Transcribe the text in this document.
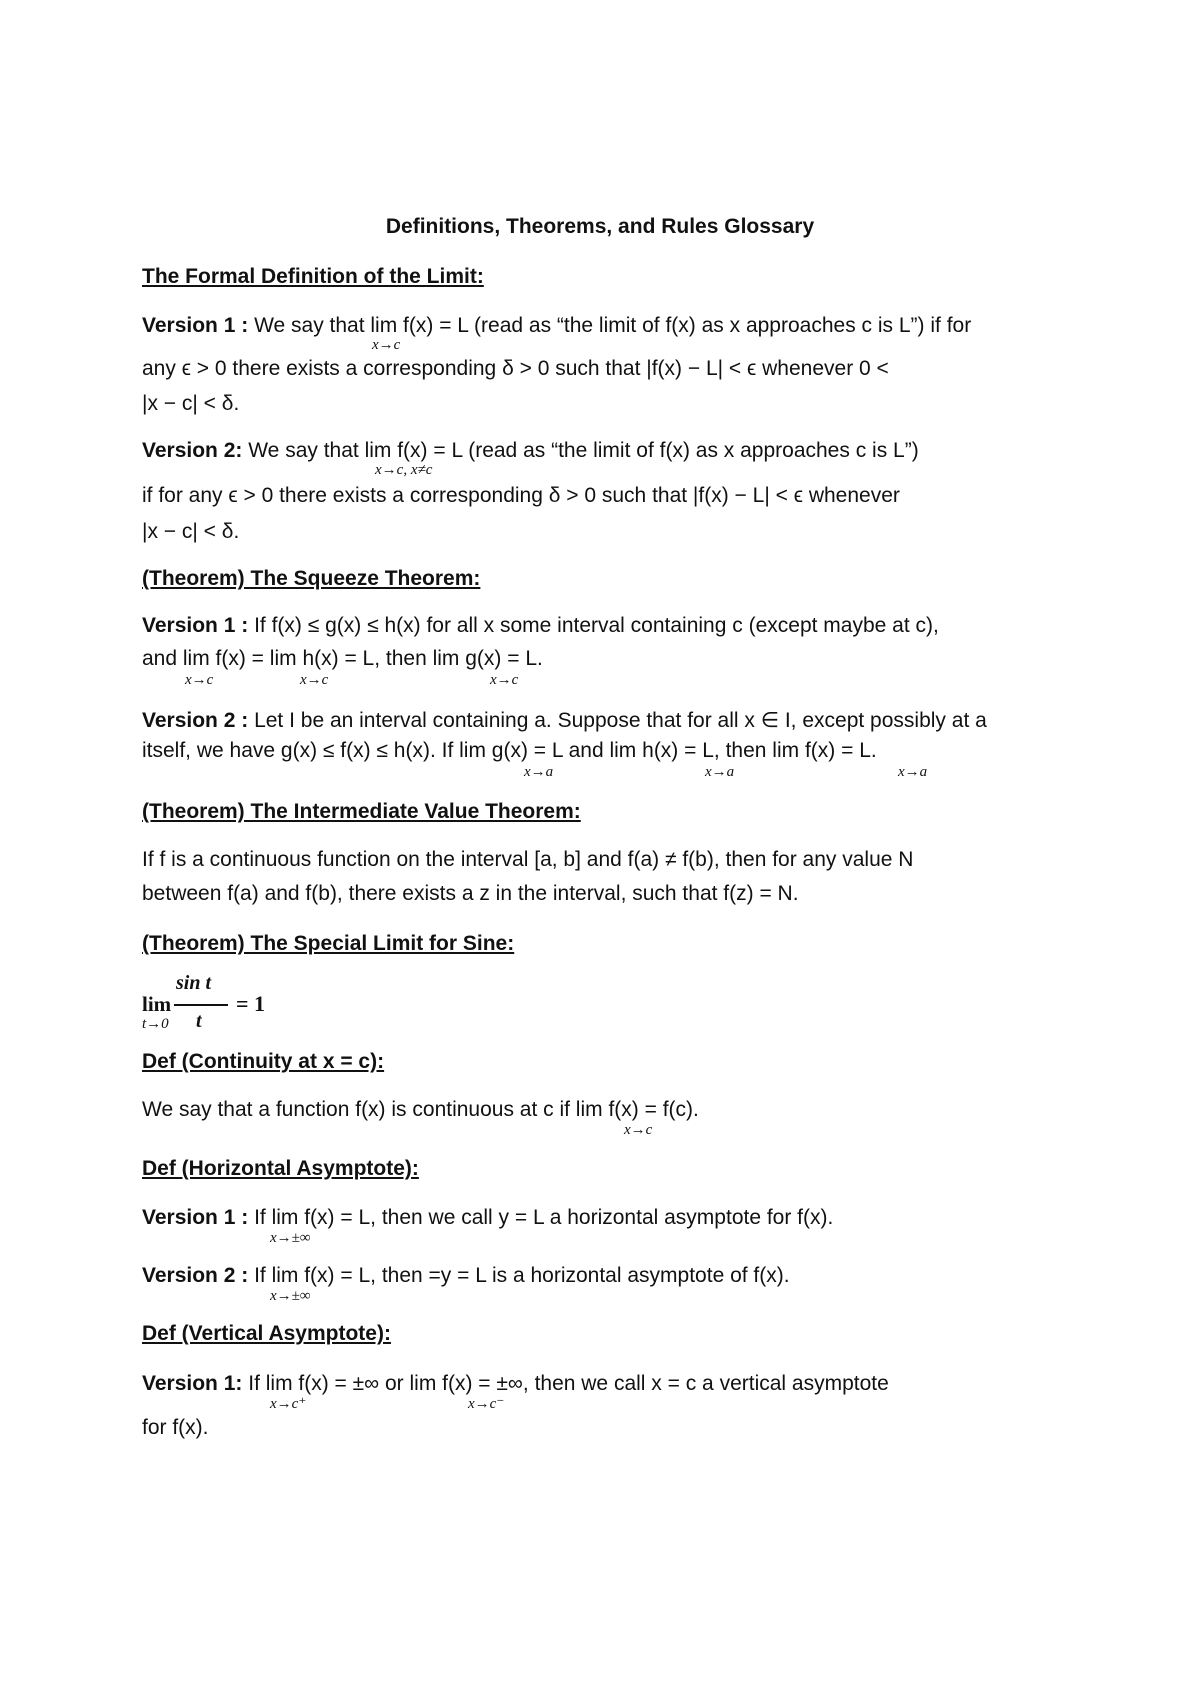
Definitions, Theorems, and Rules Glossary
The Formal Definition of the Limit:
Version 1 : We say that lim f(x) = L (read as “the limit of f(x) as x approaches c is L”) if for
x→c
any ϵ > 0 there exists a corresponding δ > 0 such that |f(x) − L| < ϵ whenever 0 <
|x − c| < δ.
Version 2: We say that lim f(x) = L (read as “the limit of f(x) as x approaches c is L”)
x→c, x≠c
if for any ϵ > 0 there exists a corresponding δ > 0 such that |f(x) − L| < ϵ whenever
|x − c| < δ.
(Theorem) The Squeeze Theorem:
Version 1 : If f(x) ≤ g(x) ≤ h(x) for all x some interval containing c (except maybe at c),
and lim f(x) = lim h(x) = L, then lim g(x) = L.
x→c	x→c	x→c
Version 2 : Let I be an interval containing a. Suppose that for all x ∈ I, except possibly at a
itself, we have g(x) ≤ f(x) ≤ h(x). If lim g(x) = L and lim h(x) = L, then lim f(x) = L.
x→a	x→a	x→a
(Theorem) The Intermediate Value Theorem:
If f is a continuous function on the interval [a, b] and f(a) ≠ f(b), then for any value N
between f(a) and f(b), there exists a z in the interval, such that f(z) = N.
(Theorem) The Special Limit for Sine:
lim
t→0
sin t
t
= 1
Def (Continuity at x = c):
We say that a function f(x) is continuous at c if lim f(x) = f(c).
x→c
Def (Horizontal Asymptote):
Version 1 : If lim f(x) = L, then we call y = L a horizontal asymptote for f(x).
x→±∞
Version 2 : If lim f(x) = L, then =y = L is a horizontal asymptote of f(x).
x→±∞
Def (Vertical Asymptote):
Version 1: If lim f(x) = ±∞ or lim f(x) = ±∞, then we call x = c a vertical asymptote
x→c⁺	x→c⁻
for f(x).
